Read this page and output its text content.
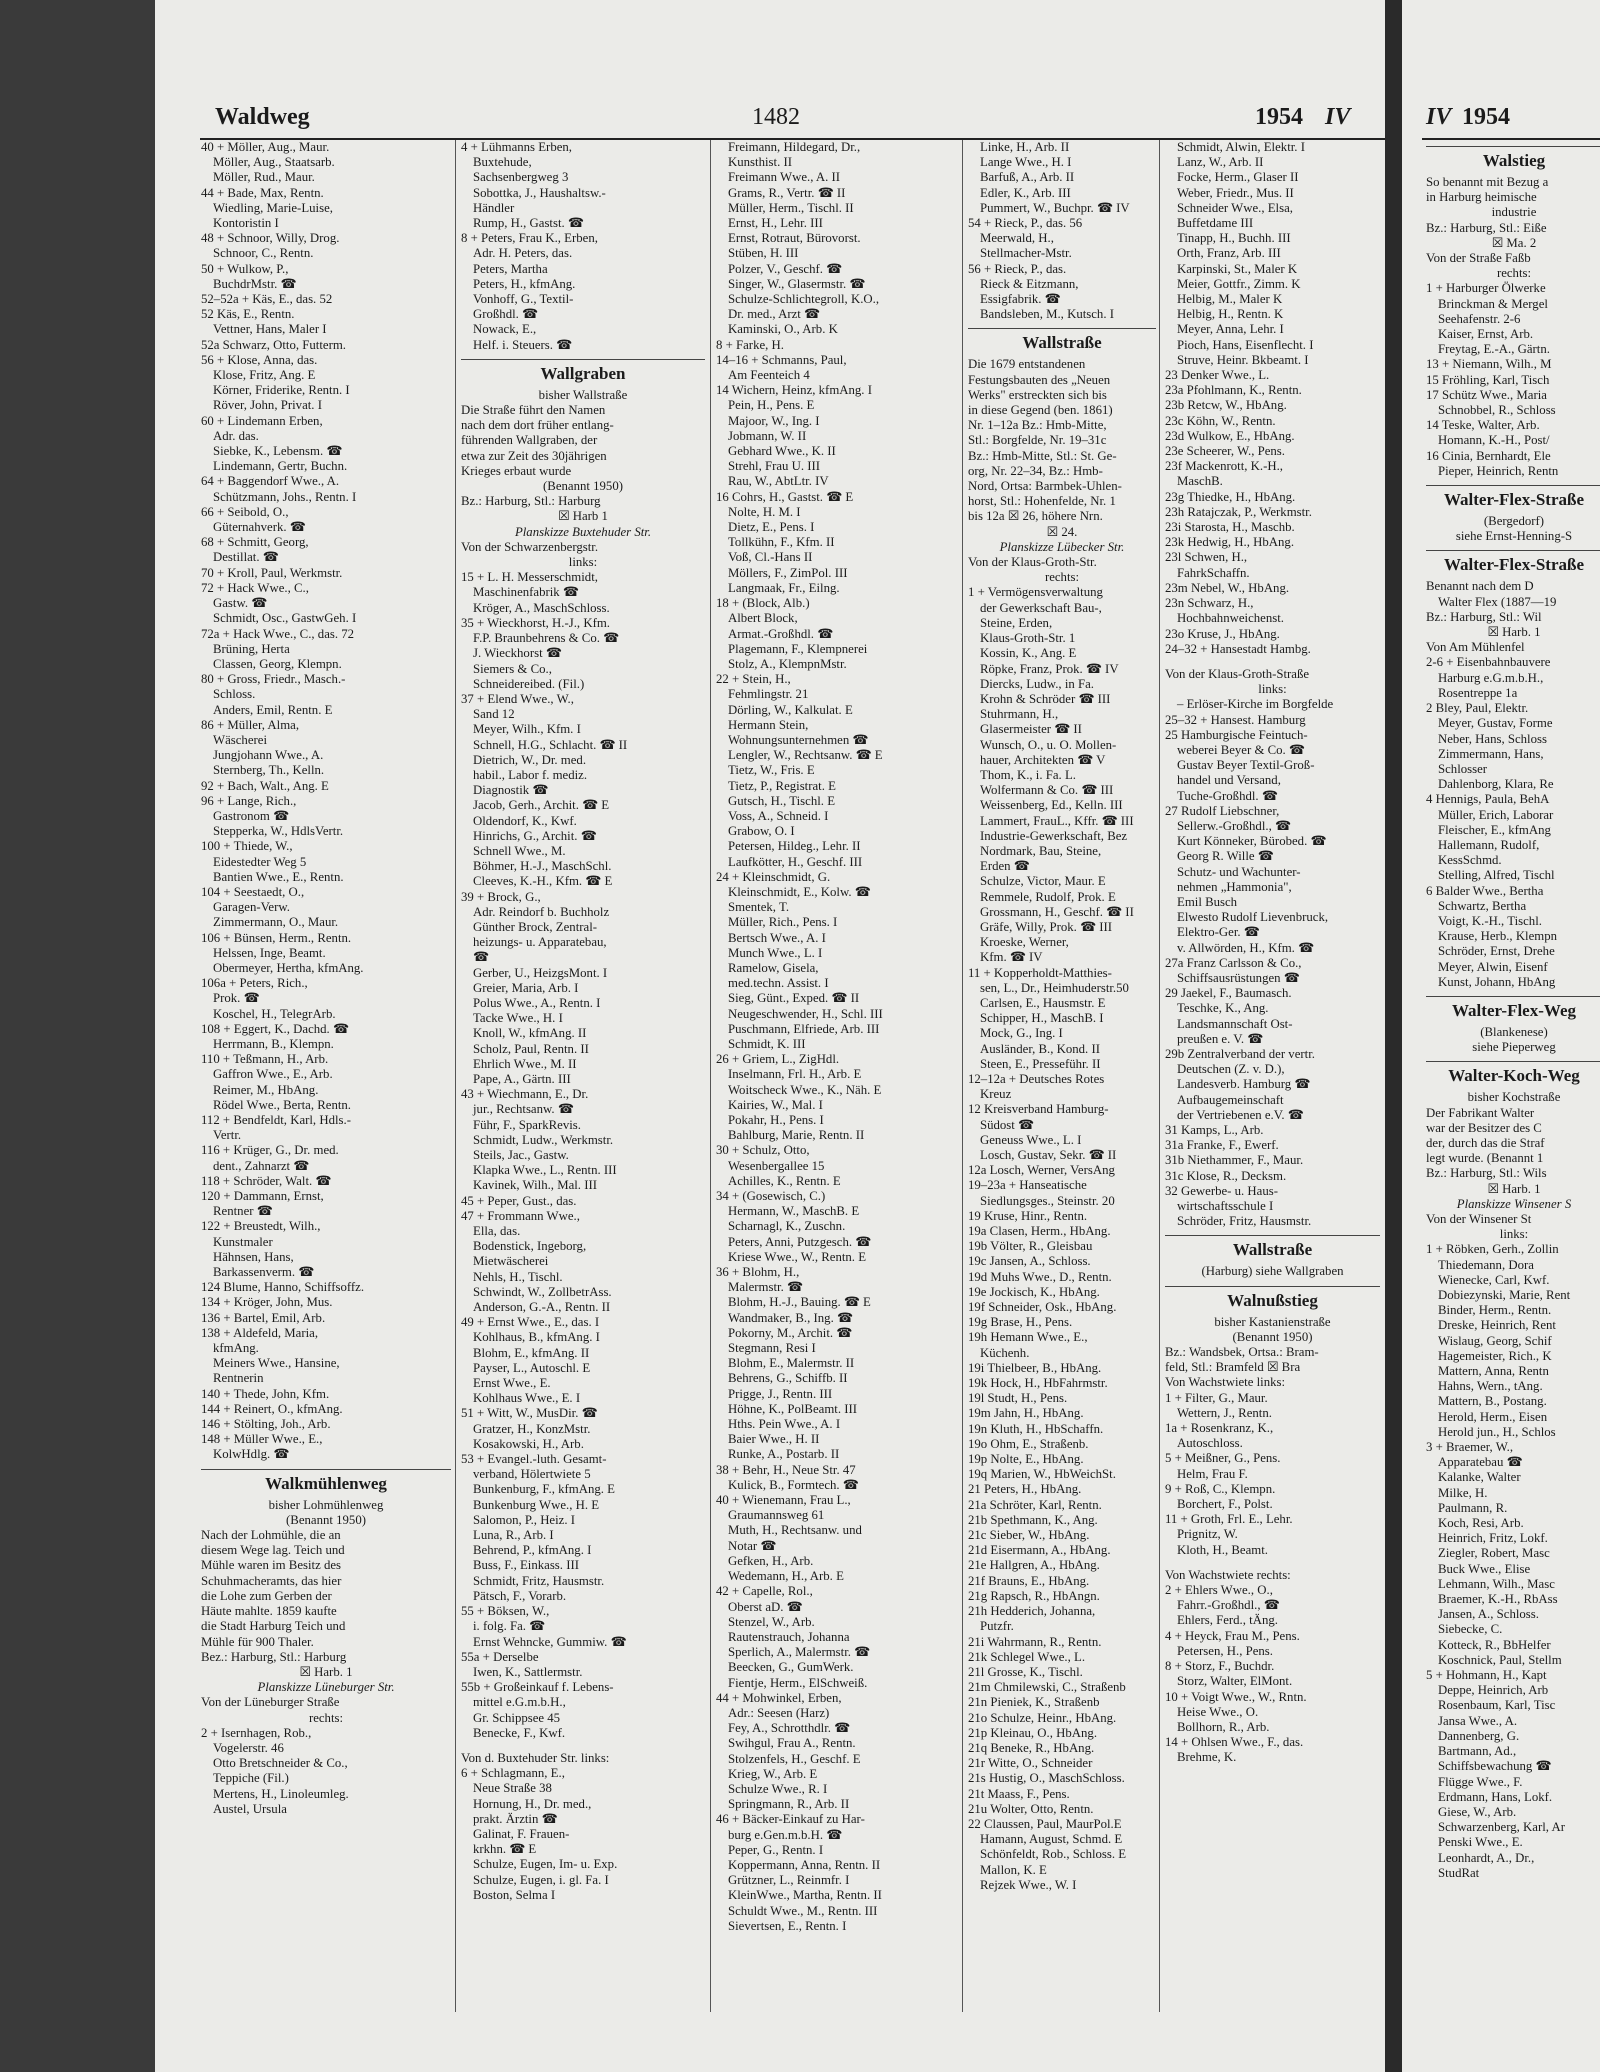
Waldweg	1482	1954 IV
40 + Möller, Aug., Maur.
Möller, Aug., Staatsarb.
Möller, Rud., Maur.
44 + Bade, Max, Rentn.
Wiedling, Marie-Luise,
Kontoristin I
48 + Schnoor, Willy, Drog.
Schnoor, C., Rentn.
50 + Wulkow, P.,
BuchdrMstr. ☎
52–52a + Käs, E., das. 52
52 Käs, E., Rentn.
Vettner, Hans, Maler I
52a Schwarz, Otto, Futterm.
56 + Klose, Anna, das.
Klose, Fritz, Ang. E
Körner, Friderike, Rentn. I
Röver, John, Privat. I
60 + Lindemann Erben,
Adr. das.
Siebke, K., Lebensm. ☎
Lindemann, Gertr, Buchn.
64 + Baggendorf Wwe., A.
Schützmann, Johs., Rentn. I
66 + Seibold, O.,
Güternahverk. ☎
68 + Schmitt, Georg,
Destillat. ☎
70 + Kroll, Paul, Werkmstr.
72 + Hack Wwe., C.,
Gastw. ☎
Schmidt, Osc., GastwGeh. I
72a + Hack Wwe., C., das. 72
Brüning, Herta
Classen, Georg, Klempn.
80 + Gross, Friedr., Masch.-
Schloss.
Anders, Emil, Rentn. E
86 + Müller, Alma,
Wäscherei
Jungjohann Wwe., A.
Sternberg, Th., Kelln.
92 + Bach, Walt., Ang. E
96 + Lange, Rich.,
Gastronom ☎
Stepperka, W., HdlsVertr.
100 + Thiede, W.,
Eidestedter Weg 5
Bantien Wwe., E., Rentn.
104 + Seestaedt, O.,
Garagen-Verw.
Zimmermann, O., Maur.
106 + Bünsen, Herm., Rentn.
Helssen, Inge, Beamt.
Obermeyer, Hertha, kfmAng.
106a + Peters, Rich.,
Prok. ☎
Koschel, H., TelegrArb.
108 + Eggert, K., Dachd. ☎
Herrmann, B., Klempn.
110 + Teßmann, H., Arb.
Gaffron Wwe., E., Arb.
Reimer, M., HbAng.
Rödel Wwe., Berta, Rentn.
112 + Bendfeldt, Karl, Hdls.-
Vertr.
116 + Krüger, G., Dr. med.
dent., Zahnarzt ☎
118 + Schröder, Walt. ☎
120 + Dammann, Ernst,
Rentner ☎
122 + Breustedt, Wilh.,
Kunstmaler
Hähnsen, Hans,
Barkassenverm. ☎
124 Blume, Hanno, Schiffsoffz.
134 + Kröger, John, Mus.
136 + Bartel, Emil, Arb.
138 + Aldefeld, Maria,
kfmAng.
Meiners Wwe., Hansine,
Rentnerin
140 + Thede, John, Kfm.
144 + Reinert, O., kfmAng.
146 + Stölting, Joh., Arb.
148 + Müller Wwe., E.,
KolwHdlg. ☎
Walkmühlenweg
bisher Lohmühlenweg
(Benannt 1950)
Nach der Lohmühle, die an
diesem Wege lag. Teich und
Mühle waren im Besitz des
Schuhmacheramts, das hier
die Lohe zum Gerben der
Häute mahlte. 1859 kaufte
die Stadt Harburg Teich und
Mühle für 900 Thaler.
Bez.: Harburg, Stl.: Harburg
☒ Harb. 1
Planskizze Lüneburger Str.
Von der Lüneburger Straße
rechts:
2 + Isernhagen, Rob.,
Vogelerstr. 46
Otto Bretschneider & Co.,
Teppiche (Fil.)
Mertens, H., Linoleumleg.
Austel, Ursula
4 + Lühmanns Erben,
Buxtehude,
Sachsenbergweg 3
Sobottka, J., Haushaltsw.-
Händler
Rump, H., Gastst. ☎
8 + Peters, Frau K., Erben,
Adr. H. Peters, das.
Peters, Martha
Peters, H., kfmAng.
Vonhoff, G., Textil-
Großhdl. ☎
Nowack, E.,
Helf. i. Steuers. ☎
Wallgraben
bisher Wallstraße
Die Straße führt den Namen
nach dem dort früher entlang-
führenden Wallgraben, der
etwa zur Zeit des 30jährigen
Krieges erbaut wurde
(Benannt 1950)
Bz.: Harburg, Stl.: Harburg
☒ Harb 1
Planskizze Buxtehuder Str.
Von der Schwarzenbergstr.
links:
15 + L. H. Messerschmidt,
Maschinenfabrik ☎
Kröger, A., MaschSchloss.
35 + Wieckhorst, H.-J., Kfm.
F.P. Braunbehrens & Co. ☎
J. Wieckhorst ☎
Siemers & Co.,
Schneidereibed. (Fil.)
37 + Elend Wwe., W.,
Sand 12
Meyer, Wilh., Kfm. I
Schnell, H.G., Schlacht. ☎ II
Dietrich, W., Dr. med.
habil., Labor f. mediz.
Diagnostik ☎
Jacob, Gerh., Archit. ☎ E
Oldendorf, K., Kwf.
Hinrichs, G., Archit. ☎
Schnell Wwe., M.
Böhmer, H.-J., MaschSchl.
Cleeves, K.-H., Kfm. ☎ E
39 + Brock, G.,
Adr. Reindorf b. Buchholz
Günther Brock, Zentral-
heizungs- u. Apparatebau,
☎
Gerber, U., HeizgsMont. I
Greier, Maria, Arb. I
Polus Wwe., A., Rentn. I
Tacke Wwe., H. I
Knoll, W., kfmAng. II
Scholz, Paul, Rentn. II
Ehrlich Wwe., M. II
Pape, A., Gärtn. III
43 + Wiechmann, E., Dr.
jur., Rechtsanw. ☎
Führ, F., SparkRevis.
Schmidt, Ludw., Werkmstr.
Steils, Jac., Gastw.
Klapka Wwe., L., Rentn. III
Kavinek, Wilh., Mal. III
45 + Peper, Gust., das.
47 + Frommann Wwe.,
Ella, das.
Bodenstick, Ingeborg,
Mietwäscherei
Nehls, H., Tischl.
Schwindt, W., ZollbetrAss.
Anderson, G.-A., Rentn. II
49 + Ernst Wwe., E., das. I
Kohlhaus, B., kfmAng. I
Blohm, E., kfmAng. II
Payser, L., Autoschl. E
Ernst Wwe., E.
Kohlhaus Wwe., E. I
51 + Witt, W., MusDir. ☎
Gratzer, H., KonzMstr.
Kosakowski, H., Arb.
53 + Evangel.-luth. Gesamt-
verband, Hölertwiete 5
Bunkenburg, F., kfmAng. E
Bunkenburg Wwe., H. E
Salomon, P., Heiz. I
Luna, R., Arb. I
Behrend, P., kfmAng. I
Buss, F., Einkass. III
Schmidt, Fritz, Hausmstr.
Pätsch, F., Vorarb.
55 + Böksen, W.,
i. folg. Fa. ☎
Ernst Wehncke, Gummiw. ☎
55a + Derselbe
Iwen, K., Sattlermstr.
55b + Großeinkauf f. Lebens-
mittel e.G.m.b.H.,
Gr. Schippsee 45
Benecke, F., Kwf.
Von d. Buxtehuder Str. links:
6 + Schlagmann, E.,
Neue Straße 38
Hornung, H., Dr. med.,
prakt. Ärztin ☎
Galinat, F. Frauen-
krkhn. ☎ E
Schulze, Eugen, Im- u. Exp.
Schulze, Eugen, i. gl. Fa. I
Boston, Selma I
Freimann, Hildegard, Dr.,
Kunsthist. II
Freimann Wwe., A. II
Grams, R., Vertr. ☎ II
Müller, Herm., Tischl. II
Ernst, H., Lehr. III
Ernst, Rotraut, Bürovorst.
Stüben, H. III
Polzer, V., Geschf. ☎
Singer, W., Glasermstr. ☎
Schulze-Schlichtegroll, K.O.,
Dr. med., Arzt ☎
Kaminski, O., Arb. K
8 + Farke, H.
14–16 + Schmanns, Paul,
Am Feenteich 4
14 Wichern, Heinz, kfmAng. I
Pein, H., Pens. E
Majoor, W., Ing. I
Jobmann, W. II
Gebhard Wwe., K. II
Strehl, Frau U. III
Rau, W., AbtLtr. IV
16 Cohrs, H., Gastst. ☎ E
Nolte, H. M. I
Dietz, E., Pens. I
Tollkühn, F., Kfm. II
Voß, Cl.-Hans II
Möllers, F., ZimPol. III
Langmaak, Fr., Eilng.
18 + (Block, Alb.)
Albert Block,
Armat.-Großhdl. ☎
Plagemann, F., Klempnerei
Stolz, A., KlempnMstr.
22 + Stein, H.,
Fehmlingstr. 21
Dörling, W., Kalkulat. E
Hermann Stein,
Wohnungsunternehmen ☎
Lengler, W., Rechtsanw. ☎ E
Tietz, W., Fris. E
Tietz, P., Registrat. E
Gutsch, H., Tischl. E
Voss, A., Schneid. I
Grabow, O. I
Petersen, Hildeg., Lehr. II
Laufkötter, H., Geschf. III
24 + Kleinschmidt, G.
Kleinschmidt, E., Kolw. ☎
Smentek, T.
Müller, Rich., Pens. I
Bertsch Wwe., A. I
Munch Wwe., L. I
Ramelow, Gisela,
med.techn. Assist. I
Sieg, Günt., Exped. ☎ II
Neugeschwender, H., Schl. III
Puschmann, Elfriede, Arb. III
Schmidt, K. III
26 + Griem, L., ZigHdl.
Inselmann, Frl. H., Arb. E
Woitscheck Wwe., K., Näh. E
Kairies, W., Mal. I
Pokahr, H., Pens. I
Bahlburg, Marie, Rentn. II
30 + Schulz, Otto,
Wesenbergallee 15
Achilles, K., Rentn. E
34 + (Gosewisch, C.)
Hermann, W., MaschB. E
Scharnagl, K., Zuschn.
Peters, Anni, Putzgesch. ☎
Kriese Wwe., W., Rentn. E
36 + Blohm, H.,
Malermstr. ☎
Blohm, H.-J., Bauing. ☎ E
Wandmaker, B., Ing. ☎
Pokorny, M., Archit. ☎
Stegmann, Resi I
Blohm, E., Malermstr. II
Behrens, G., Schiffb. II
Prigge, J., Rentn. III
Höhne, K., PolBeamt. III
Hths. Pein Wwe., A. I
Baier Wwe., H. II
Runke, A., Postarb. II
38 + Behr, H., Neue Str. 47
Kulick, B., Formtech. ☎
40 + Wienemann, Frau L.,
Graumannsweg 61
Muth, H., Rechtsanw. und
Notar ☎
Gefken, H., Arb.
Wedemann, H., Arb. E
42 + Capelle, Rol.,
Oberst aD. ☎
Stenzel, W., Arb.
Rautenstrauch, Johanna
Sperlich, A., Malermstr. ☎
Beecken, G., GumWerk.
Fientje, Herm., ElSchweiß.
44 + Mohwinkel, Erben,
Adr.: Seesen (Harz)
Fey, A., Schrotthdlr. ☎
Swihgul, Frau A., Rentn.
Stolzenfels, H., Geschf. E
Krieg, W., Arb. E
Schulze Wwe., R. I
Springmann, R., Arb. II
46 + Bäcker-Einkauf zu Har-
burg e.Gen.m.b.H. ☎
Peper, G., Rentn. I
Koppermann, Anna, Rentn. II
Grützner, L., Reinmfr. I
KleinWwe., Martha, Rentn. II
Schuldt Wwe., M., Rentn. III
Sievertsen, E., Rentn. I
Linke, H., Arb. II
Lange Wwe., H. I
Barfuß, A., Arb. II
Edler, K., Arb. III
Pummert, W., Buchpr. ☎ IV
54 + Rieck, P., das. 56
Meerwald, H.,
Stellmacher-Mstr.
56 + Rieck, P., das.
Rieck & Eitzmann,
Essigfabrik. ☎
Bandsleben, M., Kutsch. I
Wallstraße
Die 1679 entstandenen
Festungsbauten des „Neuen
Werks" erstreckten sich bis
in diese Gegend (ben. 1861)
Nr. 1–12a Bz.: Hmb-Mitte,
Stl.: Borgfelde, Nr. 19–31c
Bz.: Hmb-Mitte, Stl.: St. Ge-
org, Nr. 22–34, Bz.: Hmb-
Nord, Ortsa: Barmbek-Uhlen-
horst, Stl.: Hohenfelde, Nr. 1
bis 12a ☒ 26, höhere Nrn.
☒ 24.
Planskizze Lübecker Str.
Von der Klaus-Groth-Str.
rechts:
1 + Vermögensverwaltung
der Gewerkschaft Bau-,
Steine, Erden,
Klaus-Groth-Str. 1
Kossin, K., Ang. E
Röpke, Franz, Prok. ☎ IV
Diercks, Ludw., in Fa.
Krohn & Schröder ☎ III
Stuhrmann, H.,
Glasermeister ☎ II
Wunsch, O., u. O. Mollen-
hauer, Architekten ☎ V
Thom, K., i. Fa. L.
Wolfermann & Co. ☎ III
Weissenberg, Ed., Kelln. III
Lammert, FrauL., Kffr. ☎ III
Industrie-Gewerkschaft, Bez
Nordmark, Bau, Steine,
Erden ☎
Schulze, Victor, Maur. E
Remmele, Rudolf, Prok. E
Grossmann, H., Geschf. ☎ II
Gräfe, Willy, Prok. ☎ III
Kroeske, Werner,
Kfm. ☎ IV
11 + Kopperholdt-Matthies-
sen, L., Dr., Heimhuderstr.50
Carlsen, E., Hausmstr. E
Schipper, H., MaschB. I
Mock, G., Ing. I
Ausländer, B., Kond. II
Steen, E., Presseführ. II
12–12a + Deutsches Rotes
Kreuz
12 Kreisverband Hamburg-
Südost ☎
Geneuss Wwe., L. I
Losch, Gustav, Sekr. ☎ II
12a Losch, Werner, VersAng
19–23a + Hanseatische
Siedlungsges., Steinstr. 20
19 Kruse, Hinr., Rentn.
19a Clasen, Herm., HbAng.
19b Völter, R., Gleisbau
19c Jansen, A., Schloss.
19d Muhs Wwe., D., Rentn.
19e Jockisch, K., HbAng.
19f Schneider, Osk., HbAng.
19g Brase, H., Pens.
19h Hemann Wwe., E.,
Küchenh.
19i Thielbeer, B., HbAng.
19k Hock, H., HbFahrmstr.
19l Studt, H., Pens.
19m Jahn, H., HbAng.
19n Kluth, H., HbSchaffn.
19o Ohm, E., Straßenb.
19p Nolte, E., HbAng.
19q Marien, W., HbWeichSt.
21 Peters, H., HbAng.
21a Schröter, Karl, Rentn.
21b Spethmann, K., Ang.
21c Sieber, W., HbAng.
21d Eisermann, A., HbAng.
21e Hallgren, A., HbAng.
21f Brauns, E., HbAng.
21g Rapsch, R., HbAngn.
21h Hedderich, Johanna,
Putzfr.
21i Wahrmann, R., Rentn.
21k Schlegel Wwe., L.
21l Grosse, K., Tischl.
21m Chmilewski, C., Straßenb
21n Pieniek, K., Straßenb
21o Schulze, Heinr., HbAng.
21p Kleinau, O., HbAng.
21q Beneke, R., HbAng.
21r Witte, O., Schneider
21s Hustig, O., MaschSchloss.
21t Maass, F., Pens.
21u Wolter, Otto, Rentn.
22 Claussen, Paul, MaurPol.E
Hamann, August, Schmd. E
Schönfeldt, Rob., Schloss. E
Mallon, K. E
Rejzek Wwe., W. I
Schmidt, Alwin, Elektr. I
Lanz, W., Arb. II
Focke, Herm., Glaser II
Weber, Friedr., Mus. II
Schneider Wwe., Elsa,
Buffetdame III
Tinapp, H., Buchh. III
Orth, Franz, Arb. III
Karpinski, St., Maler K
Meier, Gottfr., Zimm. K
Helbig, M., Maler K
Helbig, H., Rentn. K
Meyer, Anna, Lehr. I
Pioch, Hans, Eisenflecht. I
Struve, Heinr. Bkbeamt. I
23 Denker Wwe., L.
23a Pfohlmann, K., Rentn.
23b Retcw, W., HbAng.
23c Köhn, W., Rentn.
23d Wulkow, E., HbAng.
23e Scheerer, W., Pens.
23f Mackenrott, K.-H.,
MaschB.
23g Thiedke, H., HbAng.
23h Ratajczak, P., Werkmstr.
23i Starosta, H., Maschb.
23k Hedwig, H., HbAng.
23l Schwen, H.,
FahrkSchaffn.
23m Nebel, W., HbAng.
23n Schwarz, H.,
Hochbahnweichenst.
23o Kruse, J., HbAng.
24–32 + Hansestadt Hambg.
Von der Klaus-Groth-Straße
links:
– Erlöser-Kirche im Borgfelde
25–32 + Hansest. Hamburg
25 Hamburgische Feintuch-
weberei Beyer & Co. ☎
Gustav Beyer Textil-Groß-
handel und Versand,
Tuche-Großhdl. ☎
27 Rudolf Liebschner,
Sellerw.-Großhdl., ☎
Kurt Könneker, Bürobed. ☎
Georg R. Wille ☎
Schutz- und Wachunter-
nehmen „Hammonia",
Emil Busch
Elwesto Rudolf Lievenbruck,
Elektro-Ger. ☎
v. Allwörden, H., Kfm. ☎
27a Franz Carlsson & Co.,
Schiffsausrüstungen ☎
29 Jaekel, F., Baumasch.
Teschke, K., Ang.
Landsmannschaft Ost-
preußen e. V. ☎
29b Zentralverband der vertr.
Deutschen (Z. v. D.),
Landesverb. Hamburg ☎
Aufbaugemeinschaft
der Vertriebenen e.V. ☎
31 Kamps, L., Arb.
31a Franke, F., Ewerf.
31b Niethammer, F., Maur.
31c Klose, R., Decksm.
32 Gewerbe- u. Haus-
wirtschaftsschule I
Schröder, Fritz, Hausmstr.
Wallstraße
(Harburg) siehe Wallgraben
Walnußstieg
bisher Kastanienstraße
(Benannt 1950)
Bz.: Wandsbek, Ortsa.: Bram-
feld, Stl.: Bramfeld ☒ Bra
Von Wachstwiete links:
1 + Filter, G., Maur.
Wettern, J., Rentn.
1a + Rosenkranz, K.,
Autoschloss.
5 + Meißner, G., Pens.
Helm, Frau F.
9 + Roß, C., Klempn.
Borchert, F., Polst.
11 + Groth, Frl. E., Lehr.
Prignitz, W.
Kloth, H., Beamt.
Von Wachstwiete rechts:
2 + Ehlers Wwe., O.,
Fahrr.-Großhdl., ☎
Ehlers, Ferd., tÄng.
4 + Heyck, Frau M., Pens.
Petersen, H., Pens.
8 + Storz, F., Buchdr.
Storz, Walter, ElMont.
10 + Voigt Wwe., W., Rntn.
Heise Wwe., O.
Bollhorn, R., Arb.
14 + Ohlsen Wwe., F., das.
Brehme, K.
IV 1954
Walstieg
So benannt mit Bezug a
in Harburg heimische
industrie
Bz.: Harburg, Stl.: Eiße
☒ Ma. 2
Von der Straße Faßb
rechts:
1 + Harburger Ölwerke
Brinckman & Mergel
Seehafenstr. 2-6
Kaiser, Ernst, Arb.
Freytag, E.-A., Gärtn.
13 + Niemann, Wilh., M
15 Fröhling, Karl, Tisch
17 Schütz Wwe., Maria
Schnobbel, R., Schloss
14 Teske, Walter, Arb.
Homann, K.-H., Post/
16 Cinia, Bernhardt, Ele
Pieper, Heinrich, Rentn
Walter-Flex-Straße
(Bergedorf)
siehe Ernst-Henning-S
Walter-Flex-Straße
Benannt nach dem D
Walter Flex (1887—19
Bz.: Harburg, Stl.: Wil
☒ Harb. 1
Von Am Mühlenfel
2-6 + Eisenbahnbauvere
Harburg e.G.m.b.H.,
Rosentreppe 1a
2 Bley, Paul, Elektr.
Meyer, Gustav, Forme
Neber, Hans, Schloss
Zimmermann, Hans,
Schlosser
Dahlenborg, Klara, Re
4 Hennigs, Paula, BehA
Müller, Erich, Laborar
Fleischer, E., kfmAng
Hallemann, Rudolf,
KessSchmd.
Stelling, Alfred, Tischl
6 Balder Wwe., Bertha
Schwartz, Bertha
Voigt, K.-H., Tischl.
Krause, Herb., Klempn
Schröder, Ernst, Drehe
Meyer, Alwin, Eisenf
Kunst, Johann, HbAng
Walter-Flex-Weg
(Blankenese)
siehe Pieperweg
Walter-Koch-Weg
bisher Kochstraße
Der Fabrikant Walter
war der Besitzer des C
der, durch das die Straf
legt wurde. (Benannt 1
Bz.: Harburg, Stl.: Wils
☒ Harb. 1
Planskizze Winsener S
Von der Winsener St
links:
1 + Röbken, Gerh., Zollin
Thiedemann, Dora
Wienecke, Carl, Kwf.
Dobiezynski, Marie, Rent
Binder, Herm., Rentn.
Dreske, Heinrich, Rent
Wislaug, Georg, Schif
Hagemeister, Rich., K
Mattern, Anna, Rentn
Hahns, Wern., tAng.
Mattern, B., Postang.
Herold, Herm., Eisen
Herold jun., H., Schlos
3 + Braemer, W.,
Apparatebau ☎
Kalanke, Walter
Milke, H.
Paulmann, R.
Koch, Resi, Arb.
Heinrich, Fritz, Lokf.
Ziegler, Robert, Masc
Buck Wwe., Elise
Lehmann, Wilh., Masc
Braemer, K.-H., RbAss
Jansen, A., Schloss.
Siebecke, C.
Kotteck, R., BbHelfer
Koschnick, Paul, Stellm
5 + Hohmann, H., Kapt
Deppe, Heinrich, Arb
Rosenbaum, Karl, Tisc
Jansa Wwe., A.
Dannenberg, G.
Bartmann, Ad.,
Schiffsbewachung ☎
Flügge Wwe., F.
Erdmann, Hans, Lokf.
Giese, W., Arb.
Schwarzenberg, Karl, Ar
Penski Wwe., E.
Leonhardt, A., Dr.,
StudRat
